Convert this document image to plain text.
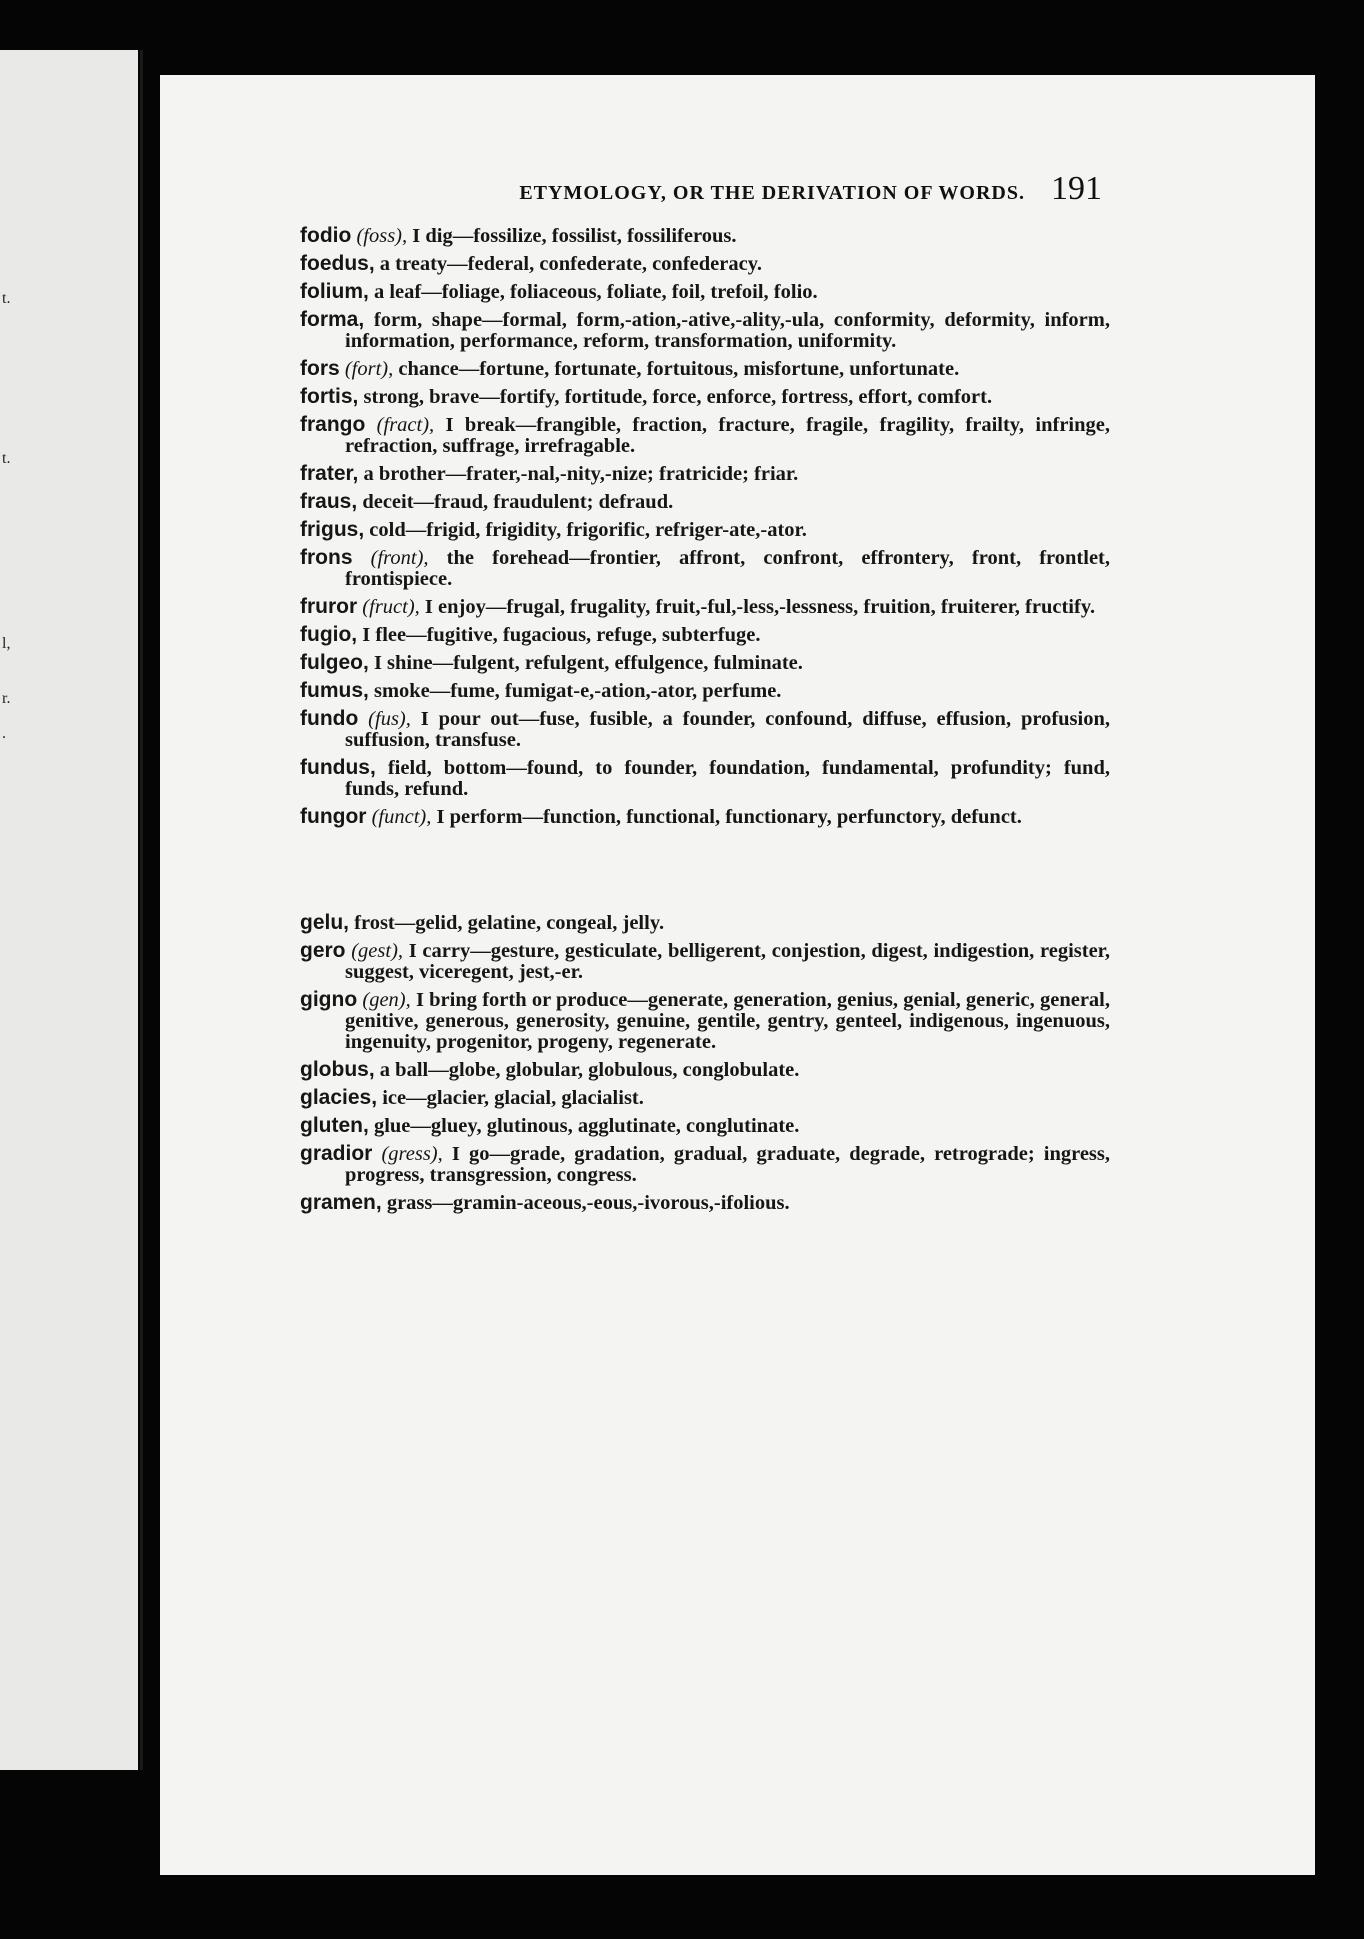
t.
t.
l,
r.
.
ETYMOLOGY, OR THE DERIVATION OF WORDS. 191

fodio (foss), I dig—fossilize, fossilist, fossiliferous.

foedus, a treaty—federal, confederate, confederacy.

folium, a leaf—foliage, foliaceous, foliate, foil, trefoil, folio.

forma, form, shape—formal, form,-ation,-ative,-ality,-ula, conformity, deformity, inform, information, performance, reform, transformation, uniformity.

fors (fort), chance—fortune, fortunate, fortuitous, misfortune, unfortunate.

fortis, strong, brave—fortify, fortitude, force, enforce, fortress, effort, comfort.

frango (fract), I break—frangible, fraction, fracture, fragile, fragility, frailty, infringe, refraction, suffrage, irrefragable.

frater, a brother—frater,-nal,-nity,-nize; fratricide; friar.

fraus, deceit—fraud, fraudulent; defraud.

frigus, cold—frigid, frigidity, frigorific, refriger-ate,-ator.

frons (front), the forehead—frontier, affront, confront, effrontery, front, frontlet, frontispiece.

fruror (fruct), I enjoy—frugal, frugality, fruit,-ful,-less,-lessness, fruition, fruiterer, fructify.

fugio, I flee—fugitive, fugacious, refuge, subterfuge.

fulgeo, I shine—fulgent, refulgent, effulgence, fulminate.

fumus, smoke—fume, fumigat-e,-ation,-ator, perfume.

fundo (fus), I pour out—fuse, fusible, a founder, confound, diffuse, effusion, profusion, suffusion, transfuse.

fundus, field, bottom—found, to founder, foundation, fundamental, profundity; fund, funds, refund.

fungor (funct), I perform—function, functional, functionary, perfunctory, defunct.

gelu, frost—gelid, gelatine, congeal, jelly.

gero (gest), I carry—gesture, gesticulate, belligerent, conjestion, digest, indigestion, register, suggest, viceregent, jest,-er.

gigno (gen), I bring forth or produce—generate, generation, genius, genial, generic, general, genitive, generous, generosity, genuine, gentile, gentry, genteel, indigenous, ingenuous, ingenuity, progenitor, progeny, regenerate.

globus, a ball—globe, globular, globulous, conglobulate.

glacies, ice—glacier, glacial, glacialist.

gluten, glue—gluey, glutinous, agglutinate, conglutinate.

gradior (gress), I go—grade, gradation, gradual, graduate, degrade, retrograde; ingress, progress, transgression, congress.

gramen, grass—gramin-aceous,-eous,-ivorous,-ifolious.
